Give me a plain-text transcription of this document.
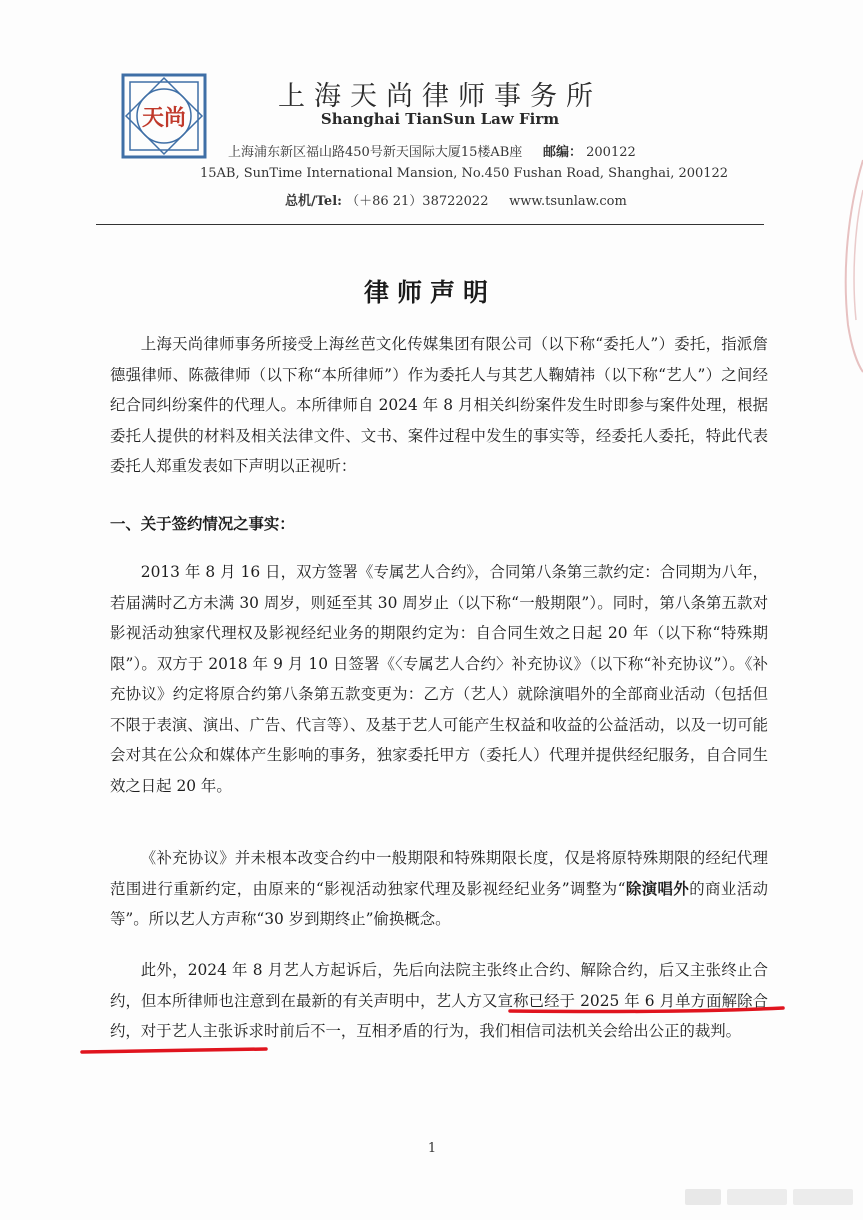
天尚
上海天尚律师事务所
Shanghai TianSun Law Firm
上海浦东新区福山路450号新天国际大厦15楼AB座 邮编： 200122
15AB, SunTime International Mansion, No.450 Fushan Road, Shanghai, 200122
总机/Tel: （＋86 21）38722022 www.tsunlaw.com
律师声明
上海天尚律师事务所接受上海丝芭文化传媒集团有限公司（以下称“委托人”）委托，指派詹德强律师、陈薇律师（以下称“本所律师”）作为委托人与其艺人鞠婧祎（以下称“艺人”）之间经纪合同纠纷案件的代理人。本所律师自 2024 年 8 月相关纠纷案件发生时即参与案件处理，根据委托人提供的材料及相关法律文件、文书、案件过程中发生的事实等，经委托人委托，特此代表委托人郑重发表如下声明以正视听：
一、关于签约情况之事实：
2013 年 8 月 16 日，双方签署《专属艺人合约》，合同第八条第三款约定：合同期为八年，若届满时乙方未满 30 周岁，则延至其 30 周岁止（以下称“一般期限”）。同时，第八条第五款对影视活动独家代理权及影视经纪业务的期限约定为：自合同生效之日起 20 年（以下称“特殊期限”）。双方于 2018 年 9 月 10 日签署《〈专属艺人合约〉补充协议》（以下称“补充协议”）。《补充协议》约定将原合约第八条第五款变更为：乙方（艺人）就除演唱外的全部商业活动（包括但不限于表演、演出、广告、代言等）、及基于艺人可能产生权益和收益的公益活动，以及一切可能会对其在公众和媒体产生影响的事务，独家委托甲方（委托人）代理并提供经纪服务，自合同生效之日起 20 年。
《补充协议》并未根本改变合约中一般期限和特殊期限长度，仅是将原特殊期限的经纪代理范围进行重新约定，由原来的“影视活动独家代理及影视经纪业务”调整为“除演唱外的商业活动等”。所以艺人方声称“30 岁到期终止”偷换概念。
此外，2024 年 8 月艺人方起诉后，先后向法院主张终止合约、解除合约，后又主张终止合约，但本所律师也注意到在最新的有关声明中，艺人方又宣称已经于 2025 年 6 月单方面解除合约，对于艺人主张诉求时前后不一，互相矛盾的行为，我们相信司法机关会给出公正的裁判。
1
